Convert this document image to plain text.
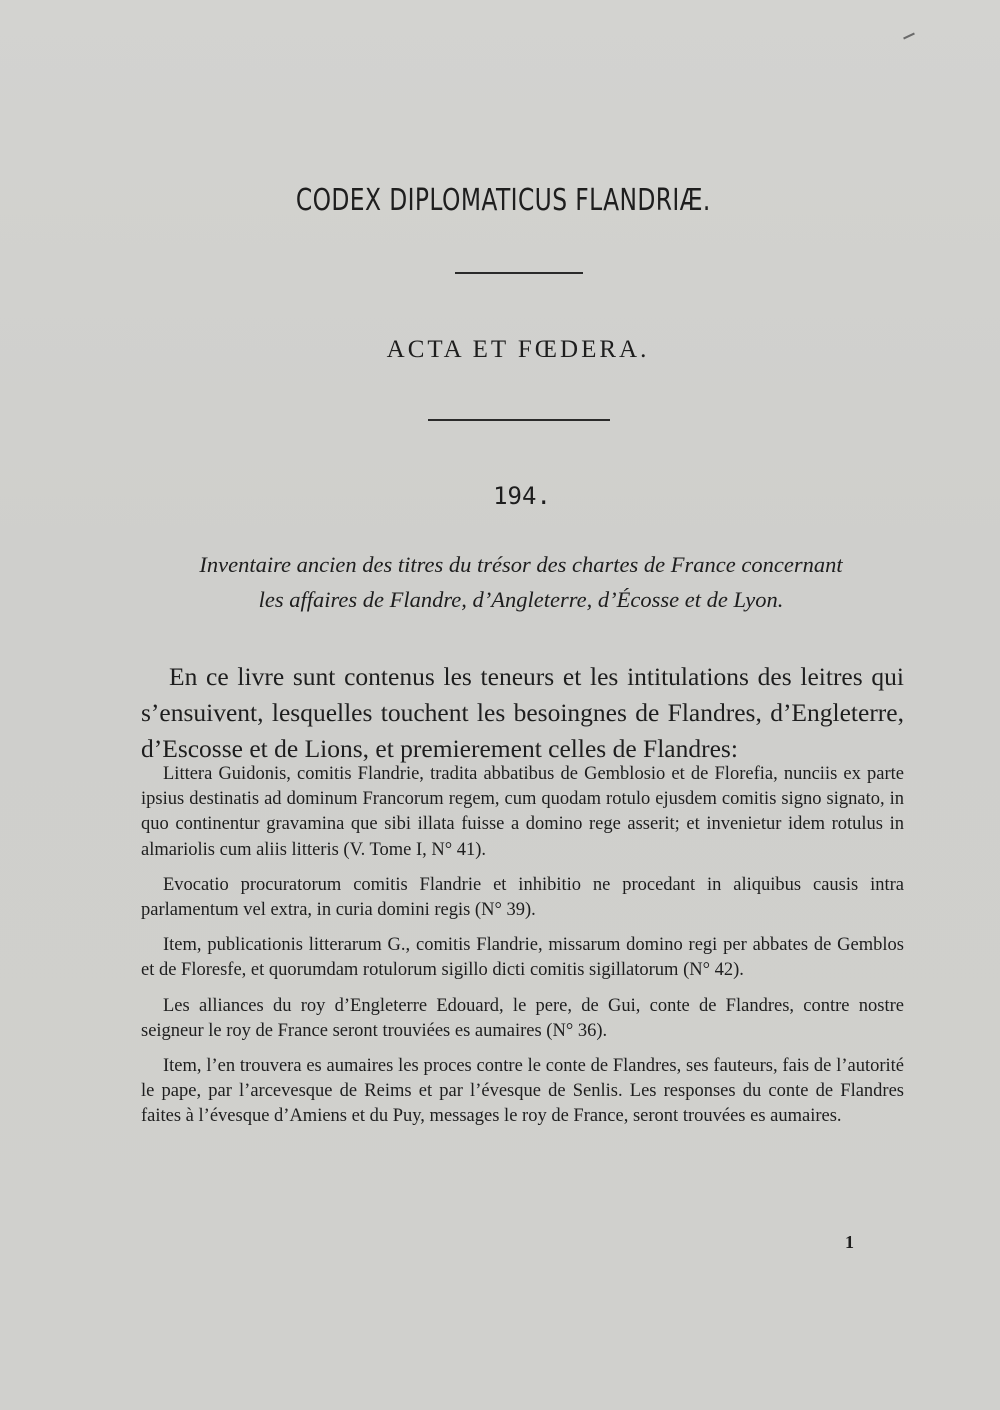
CODEX DIPLOMATICUS FLANDRIÆ.
ACTA ET FŒDERA.
194.
Inventaire ancien des titres du trésor des chartes de France concernant
les affaires de Flandre, d’Angleterre, d’Écosse et de Lyon.

En ce livre sunt contenus les teneurs et les intitulations des leitres qui s’ensuivent, lesquelles touchent les besoingnes de Flandres, d’Engleterre, d’Escosse et de Lions, et premierement celles de Flandres:

Littera Guidonis, comitis Flandrie, tradita abbatibus de Gemblosio et de Florefia, nunciis ex parte ipsius destinatis ad dominum Francorum regem, cum quodam rotulo ejusdem comitis signo signato, in quo continentur gravamina que sibi illata fuisse a domino rege asserit; et invenietur idem rotulus in almariolis cum aliis litteris (V. Tome I, N° 41).

Evocatio procuratorum comitis Flandrie et inhibitio ne procedant in aliquibus causis intra parlamentum vel extra, in curia domini regis (N° 39).

Item, publicationis litterarum G., comitis Flandrie, missarum domino regi per abbates de Gemblos et de Floresfe, et quorumdam rotulorum sigillo dicti comitis sigillatorum (N° 42).

Les alliances du roy d’Engleterre Edouard, le pere, de Gui, conte de Flandres, contre nostre seigneur le roy de France seront trouviées es aumaires (N° 36).

Item, l’en trouvera es aumaires les proces contre le conte de Flandres, ses fauteurs, fais de l’autorité le pape, par l’arcevesque de Reims et par l’évesque de Senlis. Les responses du conte de Flandres faites à l’évesque d’Amiens et du Puy, messages le roy de France, seront trouvées es aumaires.

1
